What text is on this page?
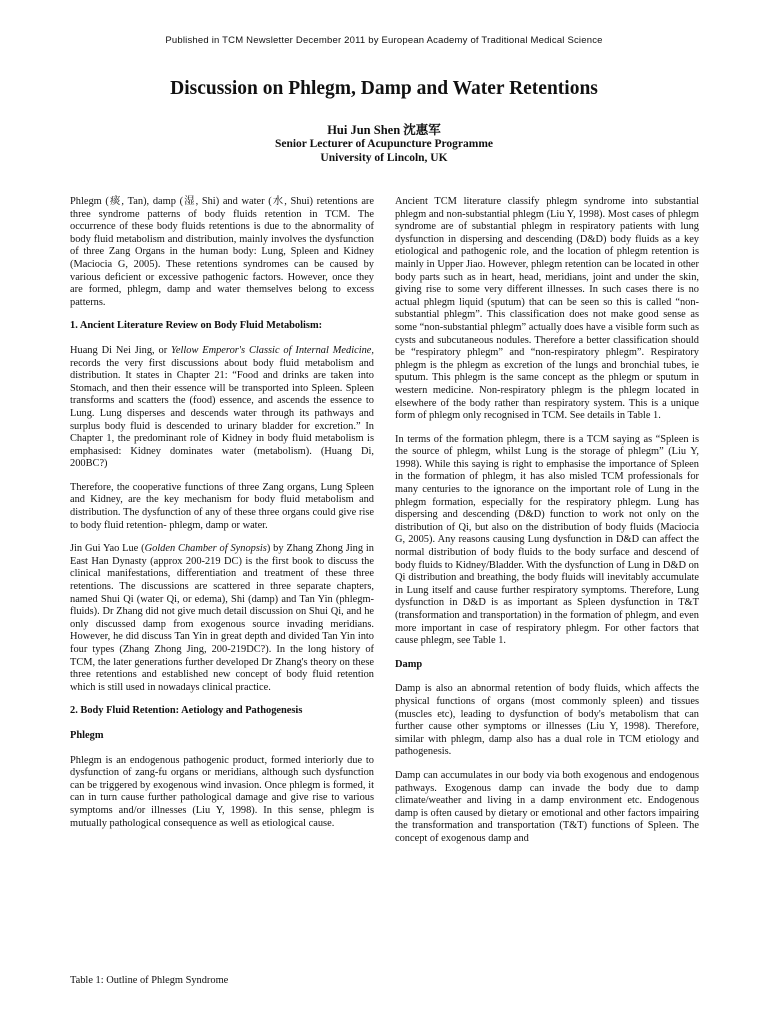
Published in TCM Newsletter December 2011 by European Academy of Traditional Medical Science
Discussion on Phlegm, Damp and Water Retentions
Hui Jun Shen 沈惠军
Senior Lecturer of Acupuncture Programme
University of Lincoln, UK

Phlegm (痰, Tan), damp (湿, Shi) and water (水, Shui) retentions are three syndrome patterns of body fluids retention in TCM. The occurrence of these body fluids retentions is due to the abnormality of body fluid metabolism and distribution, mainly involves the dysfunction of three Zang Organs in the human body: Lung, Spleen and Kidney (Maciocia G, 2005). These retentions syndromes can be caused by various deficient or excessive pathogenic factors. However, once they are formed, phlegm, damp and water themselves belong to excess patterns.

1. Ancient Literature Review on Body Fluid Metabolism:

Huang Di Nei Jing, or Yellow Emperor's Classic of Internal Medicine, records the very first discussions about body fluid metabolism and distribution. It states in Chapter 21: “Food and drinks are taken into Stomach, and then their essence will be transported into Spleen. Spleen transforms and scatters the (food) essence, and ascends the essence to Lung. Lung disperses and descends water through its pathways and surplus body fluid is descended to urinary bladder for excretion.” In Chapter 1, the predominant role of Kidney in body fluid metabolism is emphasised: Kidney dominates water (metabolism). (Huang Di, 200BC?)

Therefore, the cooperative functions of three Zang organs, Lung Spleen and Kidney, are the key mechanism for body fluid metabolism and distribution. The dysfunction of any of these three organs could give rise to body fluid retention- phlegm, damp or water.

Jin Gui Yao Lue (Golden Chamber of Synopsis) by Zhang Zhong Jing in East Han Dynasty (approx 200-219 DC) is the first book to discuss the clinical manifestations, differentiation and treatment of these three retentions. The discussions are scattered in three separate chapters, named Shui Qi (water Qi, or edema), Shi (damp) and Tan Yin (phlegm-fluids). Dr Zhang did not give much detail discussion on Shui Qi, and he only discussed damp from exogenous source invading meridians. However, he did discuss Tan Yin in great depth and divided Tan Yin into four types (Zhang Zhong Jing, 200-219DC?). In the long history of TCM, the later generations further developed Dr Zhang's theory on these three retentions and established new concept of body fluid retention which is still used in nowadays clinical practice.

2. Body Fluid Retention: Aetiology and Pathogenesis
Phlegm

Phlegm is an endogenous pathogenic product, formed interiorly due to dysfunction of zang-fu organs or meridians, although such dysfunction can be triggered by exogenous wind invasion. Once phlegm is formed, it can in turn cause further pathological damage and give rise to various symptoms and/or illnesses (Liu Y, 1998). In this sense, phlegm is mutually pathological consequence as well as etiological cause.

Ancient TCM literature classify phlegm syndrome into substantial phlegm and non-substantial phlegm (Liu Y, 1998). Most cases of phlegm syndrome are of substantial phlegm in respiratory patients with lung dysfunction in dispersing and descending (D&D) body fluids as a key etiological and pathogenic role, and the location of phlegm retention is mainly in Upper Jiao. However, phlegm retention can be located in other body parts such as in heart, head, meridians, joint and under the skin, giving rise to some very different illnesses. In such cases there is no actual phlegm liquid (sputum) that can be seen so this is called “non-substantial phlegm”. This classification does not make good sense as some “non-substantial phlegm” actually does have a visible form such as cysts and subcutaneous nodules. Therefore a better classification should be “respiratory phlegm” and “non-respiratory phlegm”. Respiratory phlegm is the phlegm as excretion of the lungs and bronchial tubes, ie sputum. This phlegm is the same concept as the phlegm or sputum in western medicine. Non-respiratory phlegm is the phlegm located in elsewhere of the body rather than respiratory system. This is a unique form of phlegm only recognised in TCM. See details in Table 1.

In terms of the formation phlegm, there is a TCM saying as “Spleen is the source of phlegm, whilst Lung is the storage of phlegm” (Liu Y, 1998). While this saying is right to emphasise the importance of Spleen in the formation of phlegm, it has also misled TCM professionals for many centuries to the ignorance on the important role of Lung in the phlegm formation, especially for the respiratory phlegm. Lung has dispersing and descending (D&D) function to work not only on the distribution of Qi, but also on the distribution of body fluids (Maciocia G, 2005). Any reasons causing Lung dysfunction in D&D can affect the normal distribution of body fluids to the body surface and descend of body fluids to Kidney/Bladder. With the dysfunction of Lung in D&D on Qi distribution and breathing, the body fluids will inevitably accumulate in Lung itself and cause further respiratory symptoms. Therefore, Lung dysfunction in D&D is as important as Spleen dysfunction in T&T (transformation and transportation) in the formation of phlegm, and even more important in case of respiratory phlegm. For other factors that cause phlegm, see Table 1.

Damp

Damp is also an abnormal retention of body fluids, which affects the physical functions of organs (most commonly spleen) and tissues (muscles etc), leading to dysfunction of body's metabolism that can further cause other symptoms or illnesses (Liu Y, 1998). Therefore, similar with phlegm, damp also has a dual role in TCM etiology and pathogenesis.

Damp can accumulates in our body via both exogenous and endogenous pathways. Exogenous damp can invade the body due to damp climate/weather and living in a damp environment etc. Endogenous damp is often caused by dietary or emotional and other factors impairing the transformation and transportation (T&T) functions of Spleen. The concept of exogenous damp and

Table 1: Outline of Phlegm Syndrome
